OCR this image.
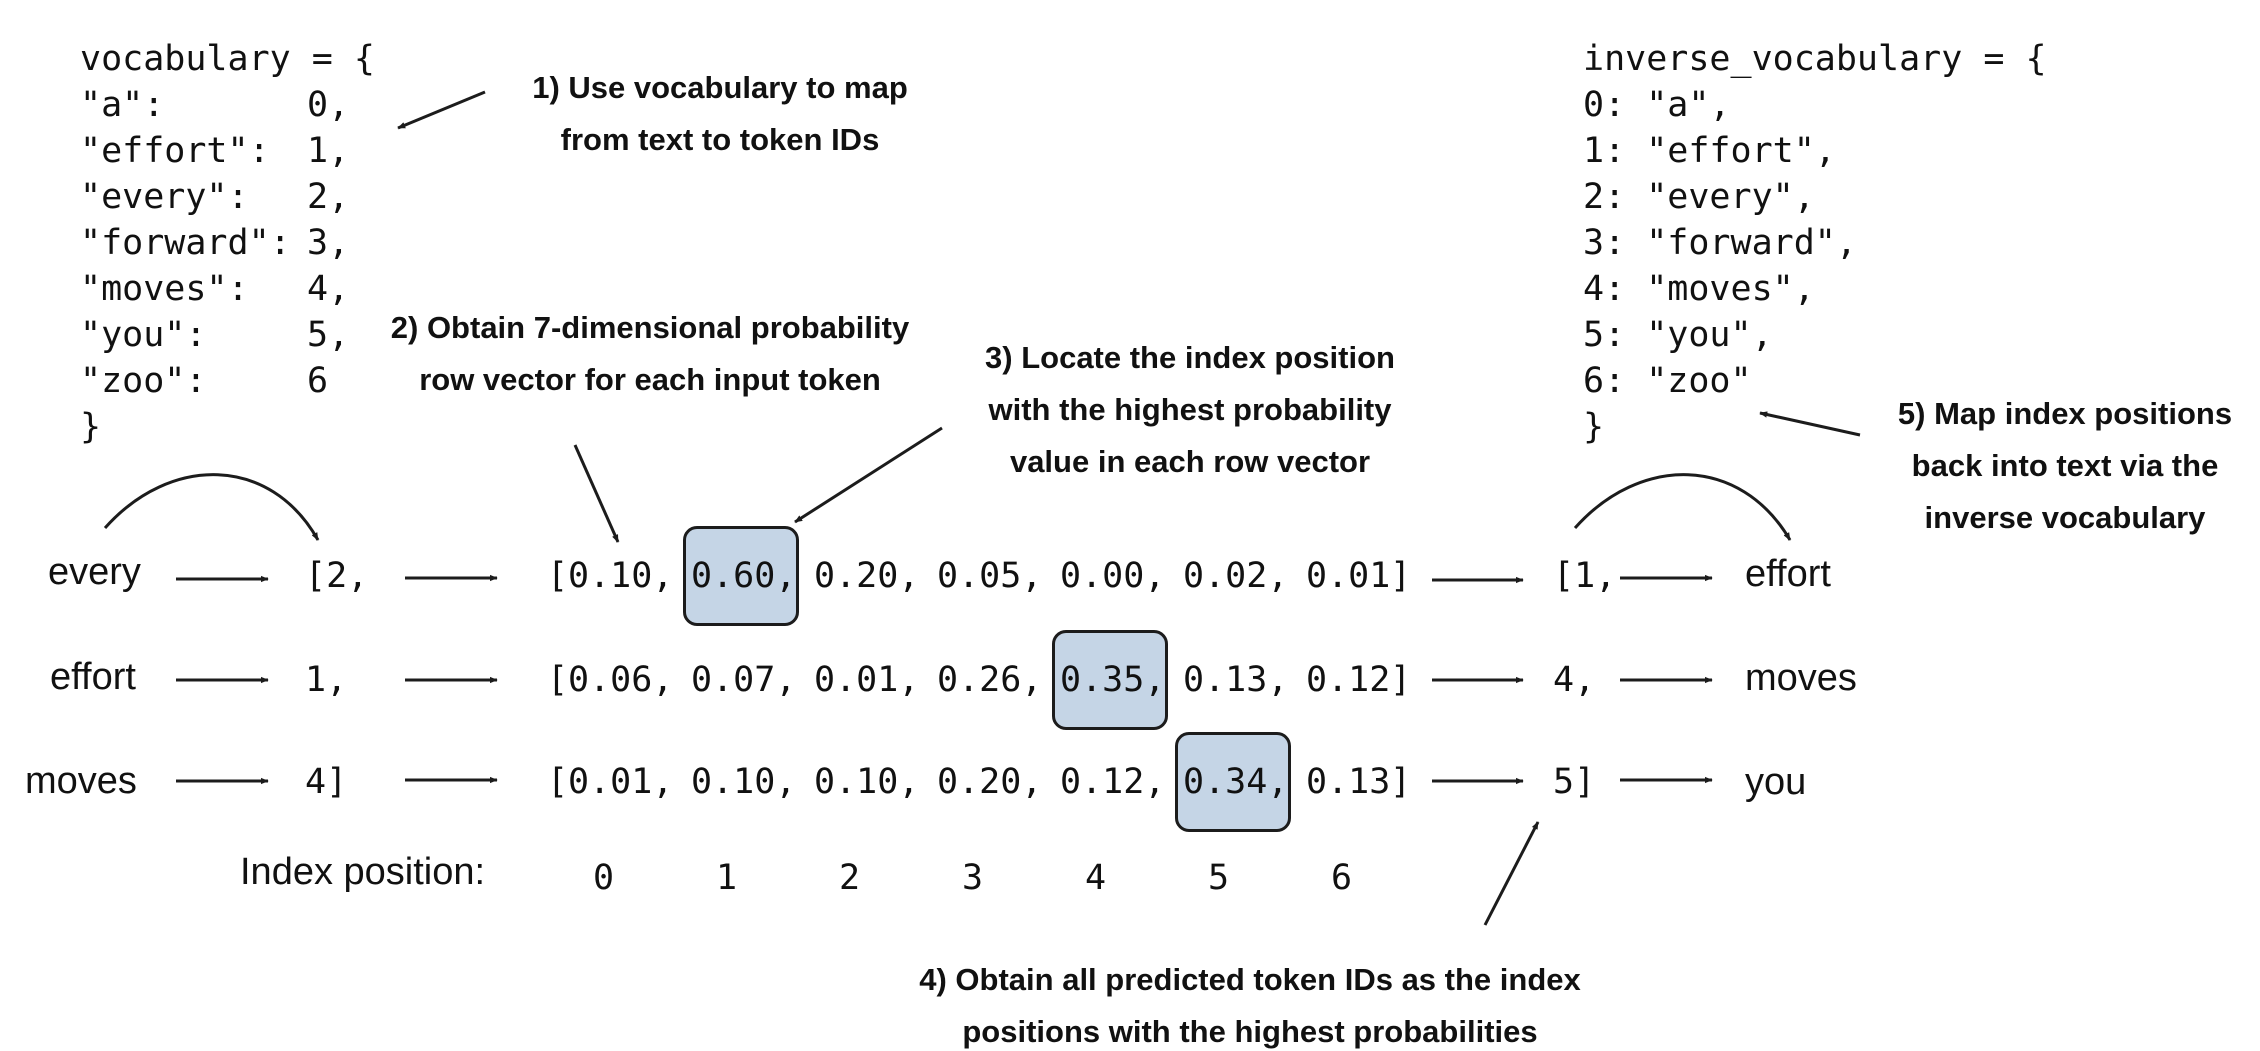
vocabulary = {
"a":	0,
"effort": 1,
"every": 2,
"forward": 3,
"moves": 4,
"you":	5,
"zoo":	6
}
inverse_vocabulary = {
0: "a",
1: "effort",
2: "every",
3: "forward",
4: "moves",
5: "you",
6: "zoo"
}
1) Use vocabulary to map
from text to token IDs
2) Obtain 7-dimensional probability
row vector for each input token
3) Locate the index position
with the highest probability
value in each row vector
4) Obtain all predicted token IDs as the index
positions with the highest probabilities
5) Map index positions
back into text via the
inverse vocabulary
every	[2,	[ 0.10, 0.60, 0.20, 0.05, 0.00, 0.02, 0.01 ]	[1,	effort
effort	1,	[ 0.06, 0.07, 0.01, 0.26, 0.35, 0.13, 0.12 ]	4,	moves
moves	4]	[ 0.01, 0.10, 0.10, 0.20, 0.12, 0.34, 0.13 ]	5]	you
Index position:	0	1	2	3	4	5	6
